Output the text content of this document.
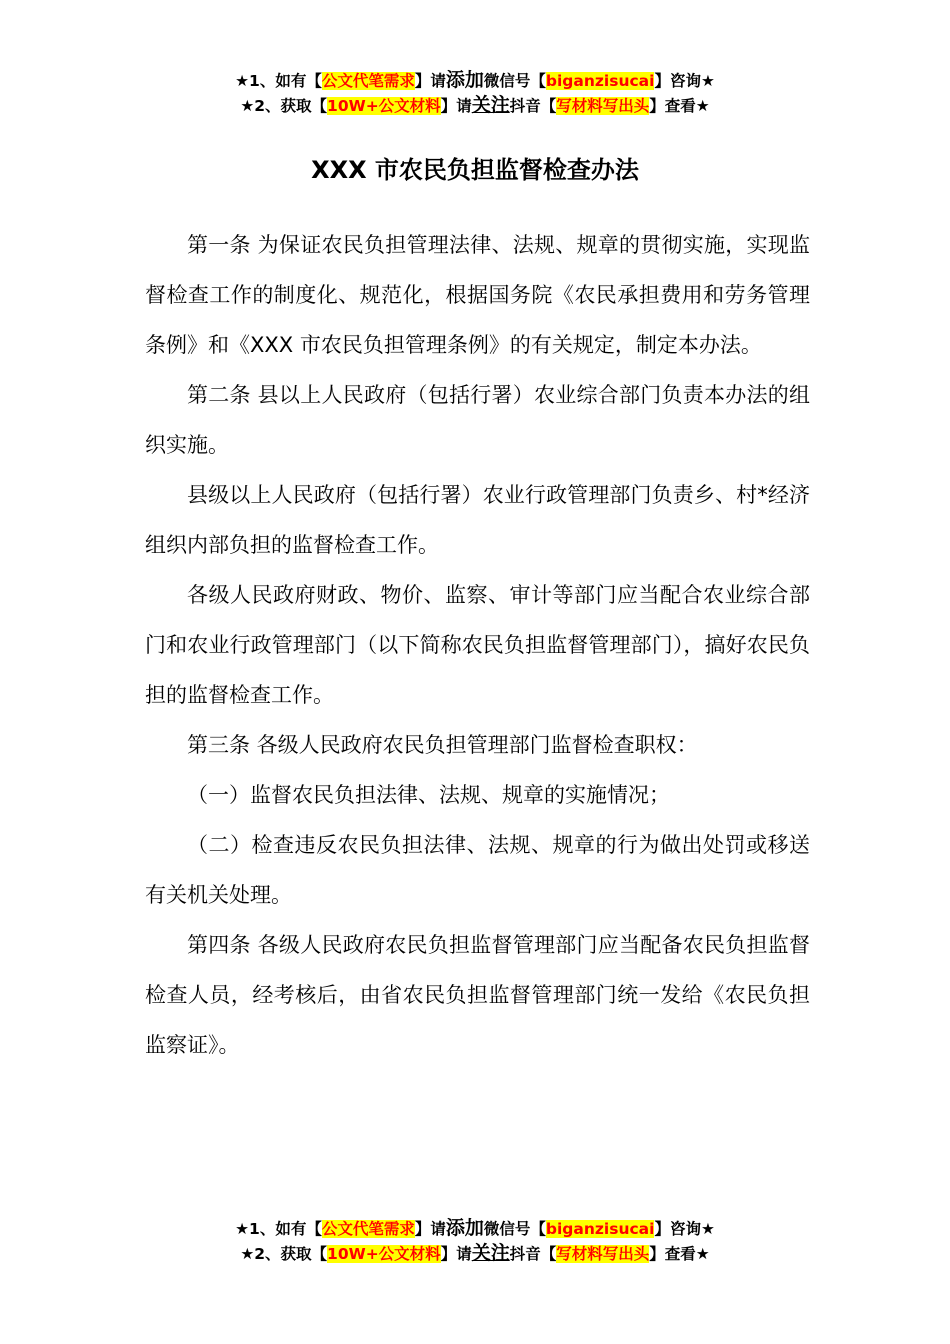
★1、如有【公文代笔需求】请添加微信号【biganzisucai】咨询★
★2、获取【10W+公文材料】请关注抖音【写材料写出头】查看★
XXX 市农民负担监督检查办法

第一条 为保证农民负担管理法律、法规、规章的贯彻实施，实现监督检查工作的制度化、规范化，根据国务院《农民承担费用和劳务管理条例》和《XXX 市农民负担管理条例》的有关规定，制定本办法。

第二条 县以上人民政府（包括行署）农业综合部门负责本办法的组织实施。

县级以上人民政府（包括行署）农业行政管理部门负责乡、村*经济组织内部负担的监督检查工作。

各级人民政府财政、物价、监察、审计等部门应当配合农业综合部门和农业行政管理部门（以下简称农民负担监督管理部门），搞好农民负担的监督检查工作。

第三条 各级人民政府农民负担管理部门监督检查职权：

（一）监督农民负担法律、法规、规章的实施情况；

（二）检查违反农民负担法律、法规、规章的行为做出处罚或移送有关机关处理。

第四条 各级人民政府农民负担监督管理部门应当配备农民负担监督检查人员，经考核后，由省农民负担监督管理部门统一发给《农民负担监察证》。

★1、如有【公文代笔需求】请添加微信号【biganzisucai】咨询★
★2、获取【10W+公文材料】请关注抖音【写材料写出头】查看★
